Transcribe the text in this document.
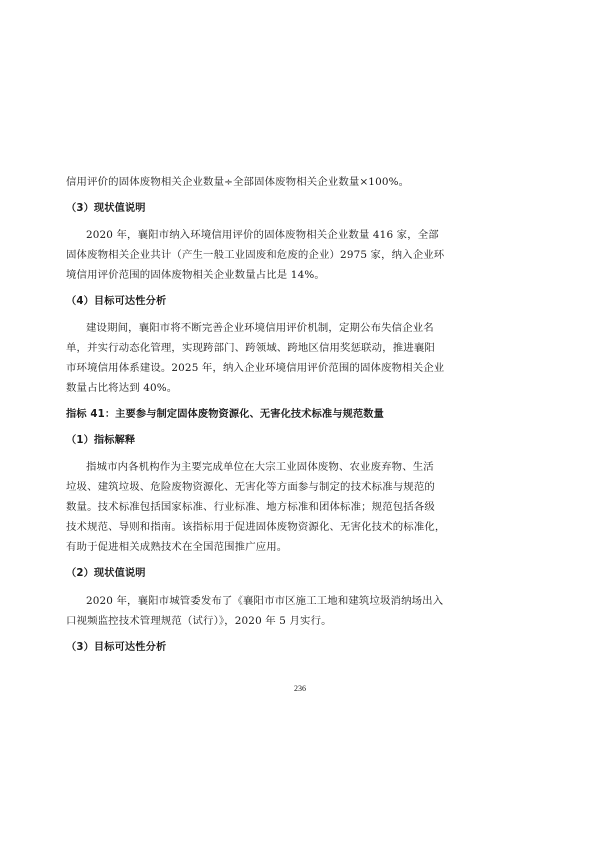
信用评价的固体废物相关企业数量÷全部固体废物相关企业数量×100%。
（3）现状值说明
2020 年，襄阳市纳入环境信用评价的固体废物相关企业数量 416 家，全部
固体废物相关企业共计（产生一般工业固废和危废的企业）2975 家，纳入企业环
境信用评价范围的固体废物相关企业数量占比是 14%。
（4）目标可达性分析
建设期间，襄阳市将不断完善企业环境信用评价机制，定期公布失信企业名
单，并实行动态化管理，实现跨部门、跨领域、跨地区信用奖惩联动，推进襄阳
市环境信用体系建设。2025 年，纳入企业环境信用评价范围的固体废物相关企业
数量占比将达到 40%。
指标 41：主要参与制定固体废物资源化、无害化技术标准与规范数量
（1）指标解释
指城市内各机构作为主要完成单位在大宗工业固体废物、农业废弃物、生活
垃圾、建筑垃圾、危险废物资源化、无害化等方面参与制定的技术标准与规范的
数量。技术标准包括国家标准、行业标准、地方标准和团体标准；规范包括各级
技术规范、导则和指南。该指标用于促进固体废物资源化、无害化技术的标准化，
有助于促进相关成熟技术在全国范围推广应用。
（2）现状值说明
2020 年，襄阳市城管委发布了《襄阳市市区施工工地和建筑垃圾消纳场出入
口视频监控技术管理规范（试行）》，2020 年 5 月实行。
（3）目标可达性分析
236
